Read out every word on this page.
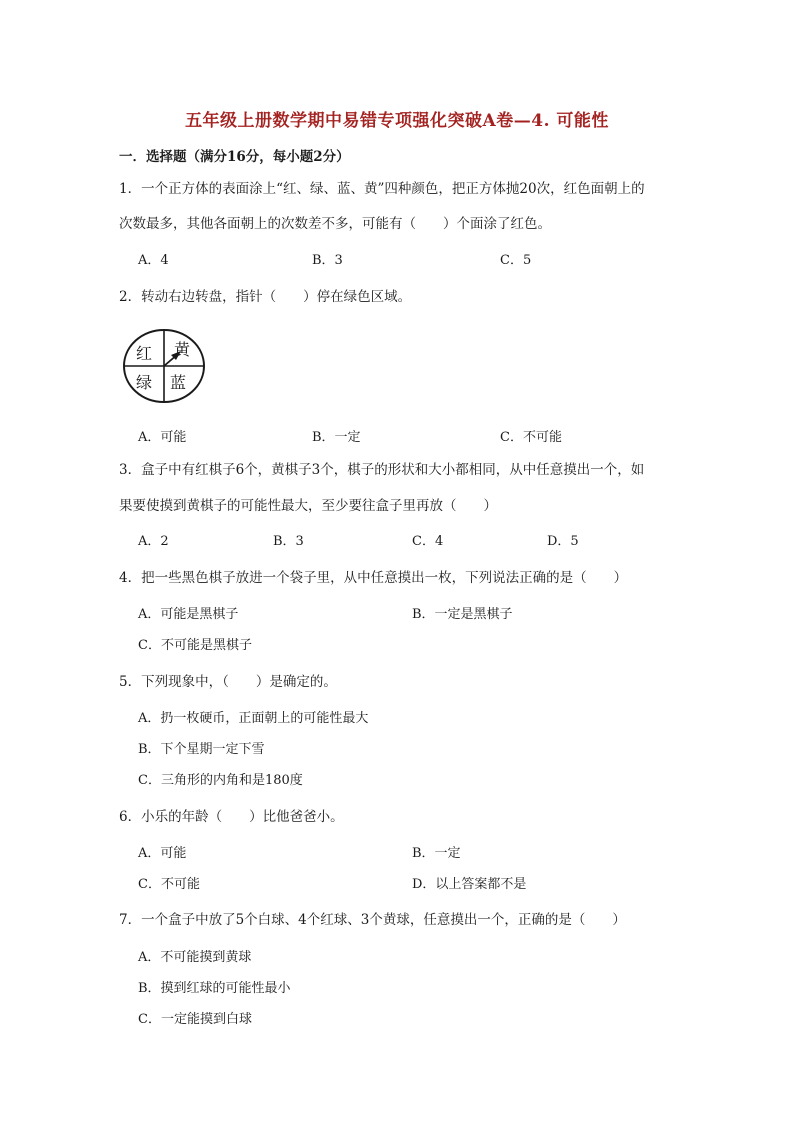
五年级上册数学期中易错专项强化突破A卷—4. 可能性
一．选择题（满分16分，每小题2分）
1．一个正方体的表面涂上“红、绿、蓝、黄”四种颜色，把正方体抛20次，红色面朝上的
次数最多，其他各面朝上的次数差不多，可能有（　　）个面涂了红色。
A．4	B．3	C．5
2．转动右边转盘，指针（　　）停在绿色区域。
红 黄
绿 蓝
A．可能	B．一定	C．不可能
3．盒子中有红棋子6个，黄棋子3个，棋子的形状和大小都相同，从中任意摸出一个，如
果要使摸到黄棋子的可能性最大，至少要往盒子里再放（　　）
A．2	B．3	C．4	D．5
4．把一些黑色棋子放进一个袋子里，从中任意摸出一枚，下列说法正确的是（　　）
A．可能是黑棋子	B．一定是黑棋子
C．不可能是黑棋子
5．下列现象中，（　　）是确定的。
A．扔一枚硬币，正面朝上的可能性最大
B．下个星期一定下雪
C．三角形的内角和是180度
6．小乐的年龄（　　）比他爸爸小。
A．可能	B．一定
C．不可能	D．以上答案都不是
7．一个盒子中放了5个白球、4个红球、3个黄球，任意摸出一个，正确的是（　　）
A．不可能摸到黄球
B．摸到红球的可能性最小
C．一定能摸到白球
